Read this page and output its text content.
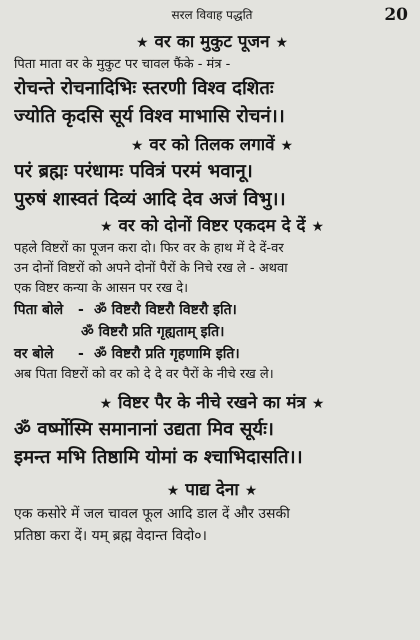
सरल विवाह पद्धति	20
★ वर का मुकुट पूजन ★
पिता माता वर के मुकुट पर चावल फैंके - मंत्र -
रोचन्ते रोचनादिभिः स्तरणी विश्व दशितः
ज्योति कृदसि सूर्य विश्व माभासि रोचनं।।
★ वर को तिलक लगावें ★
परं ब्रह्मः परंधामः पवित्रं परमं भवानू।
पुरुषं शास्वतं दिव्यं आदि देव अजं विभु।।
★ वर को दोनों विष्टर एकदम दे दें ★
पहले विष्टरों का पूजन करा दो। फिर वर के हाथ में दे दें-वर
उन दोनों विष्टरों को अपने दोनों पैरों के निचे रख ले - अथवा
एक विष्टर कन्या के आसन पर रख दे।
पिता बोले - ॐ विष्टरौ विष्टरौ विष्टरौ इति।
ॐ विष्टरौ प्रति गृह्यताम् इति।
वर बोले - ॐ विष्टरौ प्रति गृहणामि इति।
अब पिता विष्टरों को वर को दे दे वर पैरों के नीचे रख ले।
★ विष्टर पैर के नीचे रखने का मंत्र ★
ॐ वर्ष्मोस्मि समानानां उद्यता मिव सूर्यः।
इमन्त मभि तिष्ठामि योमां क श्चाभिदासति।।
★ पाद्य देना ★
एक कसोरे में जल चावल फूल आदि डाल दें और उसकी
प्रतिष्ठा करा दें। यम् ब्रह्म वेदान्त विदो०।
